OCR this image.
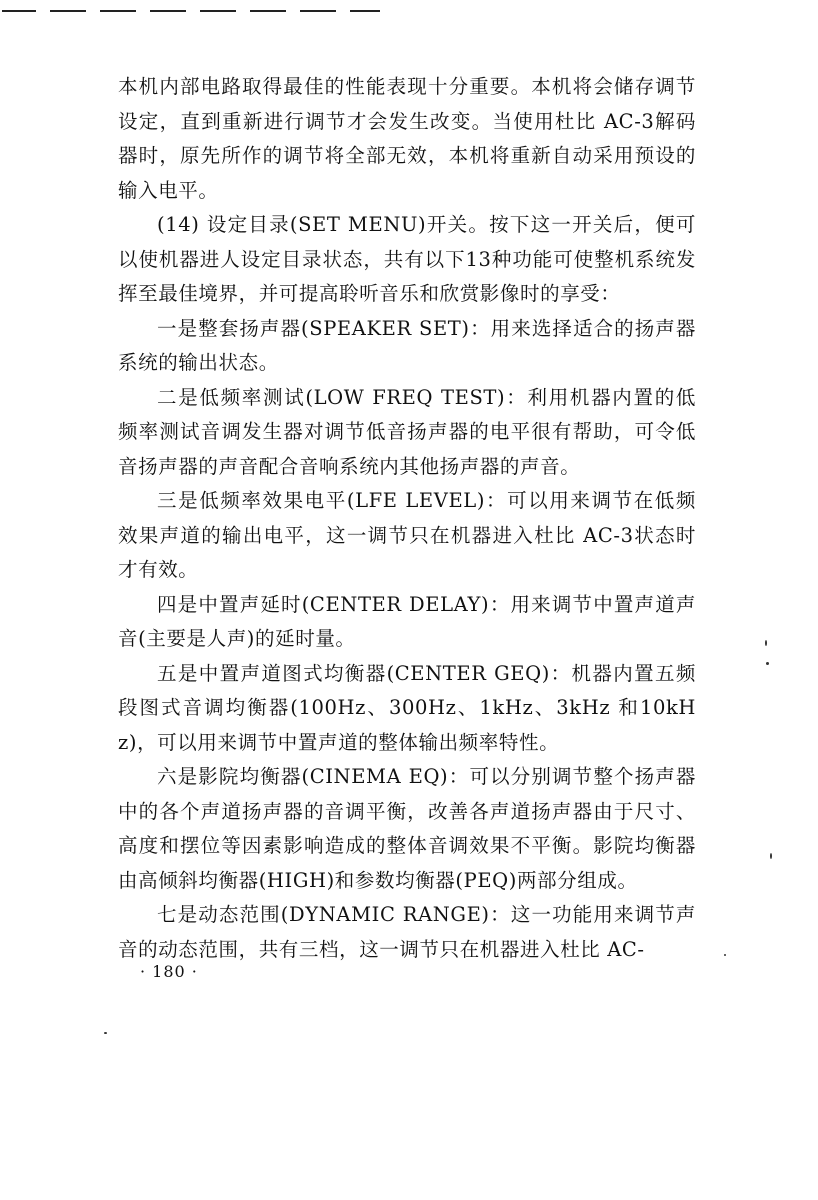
本机内部电路取得最佳的性能表现十分重要。本机将会储存调节设定，直到重新进行调节才会发生改变。当使用杜比 AC-3解码器时，原先所作的调节将全部无效，本机将重新自动采用预设的输入电平。

(14) 设定目录(SET MENU)开关。按下这一开关后，便可以使机器进人设定目录状态，共有以下13种功能可使整机系统发挥至最佳境界，并可提高聆听音乐和欣赏影像时的享受：

一是整套扬声器(SPEAKER SET)：用来选择适合的扬声器系统的输出状态。

二是低频率测试(LOW FREQ TEST)：利用机器内置的低频率测试音调发生器对调节低音扬声器的电平很有帮助，可令低音扬声器的声音配合音响系统内其他扬声器的声音。

三是低频率效果电平(LFE LEVEL)：可以用来调节在低频效果声道的输出电平，这一调节只在机器进入杜比 AC-3状态时才有效。

四是中置声延时(CENTER DELAY)：用来调节中置声道声音(主要是人声)的延时量。

五是中置声道图式均衡器(CENTER GEQ)：机器内置五频段图式音调均衡器(100Hz、300Hz、1kHz、3kHz 和10kHz)，可以用来调节中置声道的整体输出频率特性。

六是影院均衡器(CINEMA EQ)：可以分别调节整个扬声器中的各个声道扬声器的音调平衡，改善各声道扬声器由于尺寸、高度和摆位等因素影响造成的整体音调效果不平衡。影院均衡器由高倾斜均衡器(HIGH)和参数均衡器(PEQ)两部分组成。

七是动态范围(DYNAMIC RANGE)：这一功能用来调节声音的动态范围，共有三档，这一调节只在机器进入杜比 AC-

· 180 ·
